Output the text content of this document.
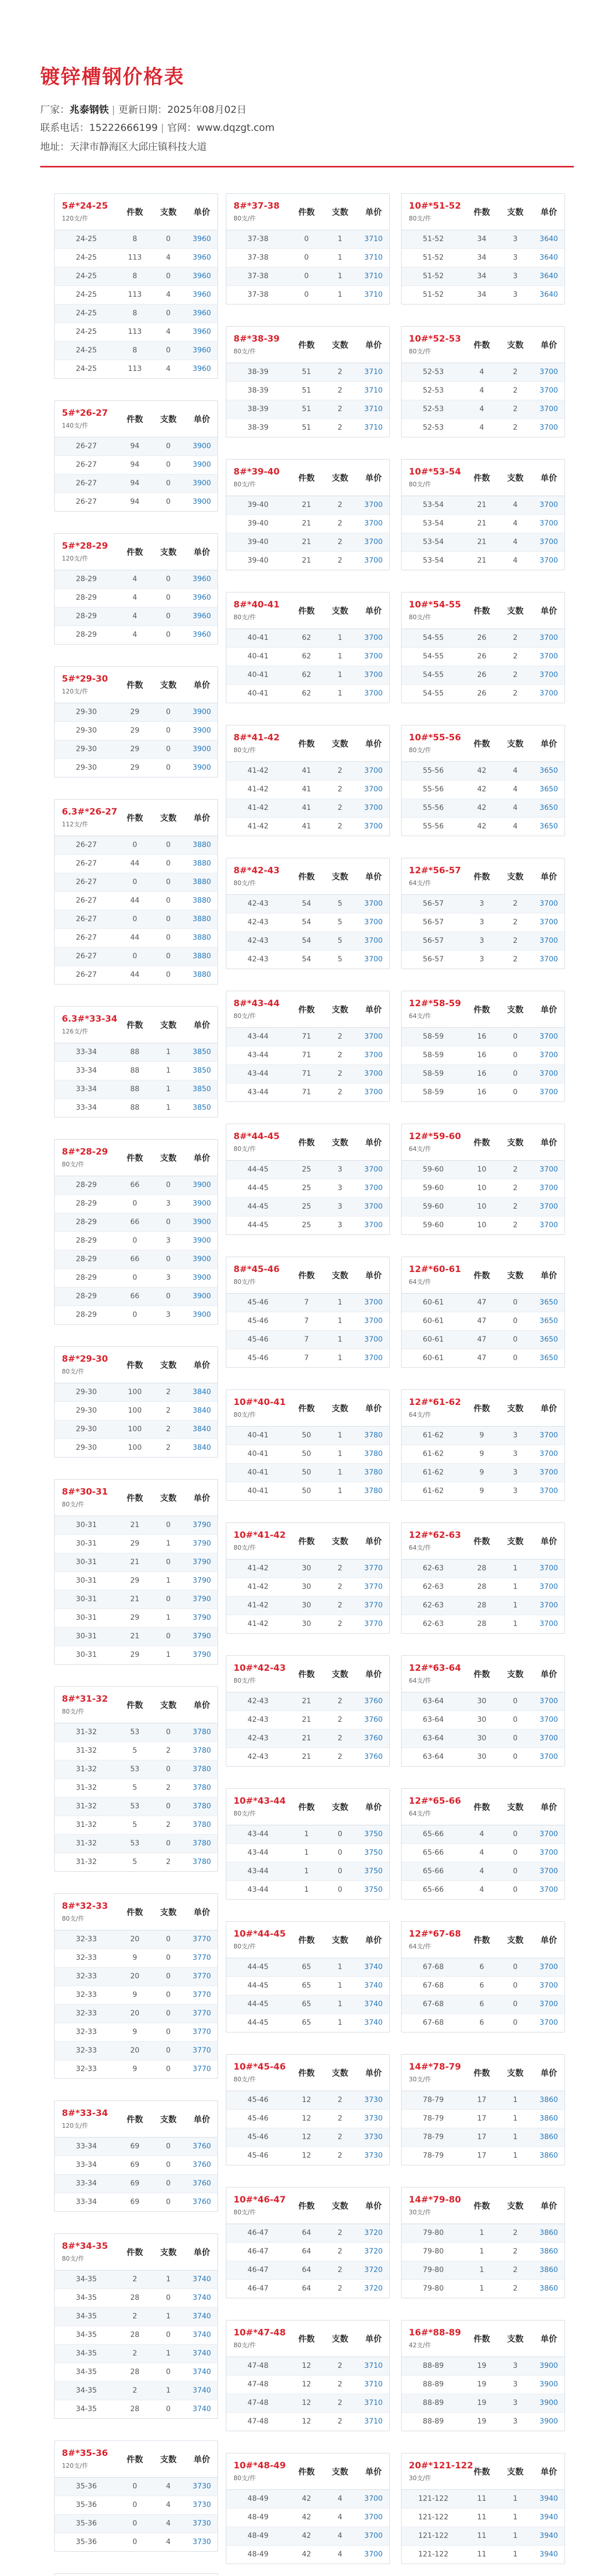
镀锌槽钢价格表
厂家：兆泰钢铁 | 更新日期：2025年08月02日
联系电话：15222666199 | 官网：www.dqzgt.com
地址：天津市静海区大邱庄镇科技大道
5#*24-25
120支/件	件数	支数	单价
24-25	8	0	3960
24-25	113	4	3960
24-25	8	0	3960
24-25	113	4	3960
24-25	8	0	3960
24-25	113	4	3960
24-25	8	0	3960
24-25	113	4	3960
5#*26-27
140支/件	件数	支数	单价
26-27	94	0	3900
26-27	94	0	3900
26-27	94	0	3900
26-27	94	0	3900
5#*28-29
120支/件	件数	支数	单价
28-29	4	0	3960
28-29	4	0	3960
28-29	4	0	3960
28-29	4	0	3960
5#*29-30
120支/件	件数	支数	单价
29-30	29	0	3900
29-30	29	0	3900
29-30	29	0	3900
29-30	29	0	3900
6.3#*26-27
112支/件	件数	支数	单价
26-27	0	0	3880
26-27	44	0	3880
26-27	0	0	3880
26-27	44	0	3880
26-27	0	0	3880
26-27	44	0	3880
26-27	0	0	3880
26-27	44	0	3880
6.3#*33-34
126支/件	件数	支数	单价
33-34	88	1	3850
33-34	88	1	3850
33-34	88	1	3850
33-34	88	1	3850
8#*28-29
80支/件	件数	支数	单价
28-29	66	0	3900
28-29	0	3	3900
28-29	66	0	3900
28-29	0	3	3900
28-29	66	0	3900
28-29	0	3	3900
28-29	66	0	3900
28-29	0	3	3900
8#*29-30
80支/件	件数	支数	单价
29-30	100	2	3840
29-30	100	2	3840
29-30	100	2	3840
29-30	100	2	3840
8#*30-31
80支/件	件数	支数	单价
30-31	21	0	3790
30-31	29	1	3790
30-31	21	0	3790
30-31	29	1	3790
30-31	21	0	3790
30-31	29	1	3790
30-31	21	0	3790
30-31	29	1	3790
8#*31-32
80支/件	件数	支数	单价
31-32	53	0	3780
31-32	5	2	3780
31-32	53	0	3780
31-32	5	2	3780
31-32	53	0	3780
31-32	5	2	3780
31-32	53	0	3780
31-32	5	2	3780
8#*32-33
80支/件	件数	支数	单价
32-33	20	0	3770
32-33	9	0	3770
32-33	20	0	3770
32-33	9	0	3770
32-33	20	0	3770
32-33	9	0	3770
32-33	20	0	3770
32-33	9	0	3770
8#*33-34
120支/件	件数	支数	单价
33-34	69	0	3760
33-34	69	0	3760
33-34	69	0	3760
33-34	69	0	3760
8#*34-35
80支/件	件数	支数	单价
34-35	2	1	3740
34-35	28	0	3740
34-35	2	1	3740
34-35	28	0	3740
34-35	2	1	3740
34-35	28	0	3740
34-35	2	1	3740
34-35	28	0	3740
8#*35-36
120支/件	件数	支数	单价
35-36	0	4	3730
35-36	0	4	3730
35-36	0	4	3730
35-36	0	4	3730

8#*37-38
80支/件	件数	支数	单价
37-38	0	1	3710
37-38	0	1	3710
37-38	0	1	3710
37-38	0	1	3710
8#*38-39
80支/件	件数	支数	单价
38-39	51	2	3710
38-39	51	2	3710
38-39	51	2	3710
38-39	51	2	3710
8#*39-40
80支/件	件数	支数	单价
39-40	21	2	3700
39-40	21	2	3700
39-40	21	2	3700
39-40	21	2	3700
8#*40-41
80支/件	件数	支数	单价
40-41	62	1	3700
40-41	62	1	3700
40-41	62	1	3700
40-41	62	1	3700
8#*41-42
80支/件	件数	支数	单价
41-42	41	2	3700
41-42	41	2	3700
41-42	41	2	3700
41-42	41	2	3700
8#*42-43
80支/件	件数	支数	单价
42-43	54	5	3700
42-43	54	5	3700
42-43	54	5	3700
42-43	54	5	3700
8#*43-44
80支/件	件数	支数	单价
43-44	71	2	3700
43-44	71	2	3700
43-44	71	2	3700
43-44	71	2	3700
8#*44-45
80支/件	件数	支数	单价
44-45	25	3	3700
44-45	25	3	3700
44-45	25	3	3700
44-45	25	3	3700
8#*45-46
80支/件	件数	支数	单价
45-46	7	1	3700
45-46	7	1	3700
45-46	7	1	3700
45-46	7	1	3700
10#*40-41
80支/件	件数	支数	单价
40-41	50	1	3780
40-41	50	1	3780
40-41	50	1	3780
40-41	50	1	3780
10#*41-42
80支/件	件数	支数	单价
41-42	30	2	3770
41-42	30	2	3770
41-42	30	2	3770
41-42	30	2	3770
10#*42-43
80支/件	件数	支数	单价
42-43	21	2	3760
42-43	21	2	3760
42-43	21	2	3760
42-43	21	2	3760
10#*43-44
80支/件	件数	支数	单价
43-44	1	0	3750
43-44	1	0	3750
43-44	1	0	3750
43-44	1	0	3750
10#*44-45
80支/件	件数	支数	单价
44-45	65	1	3740
44-45	65	1	3740
44-45	65	1	3740
44-45	65	1	3740
10#*45-46
80支/件	件数	支数	单价
45-46	12	2	3730
45-46	12	2	3730
45-46	12	2	3730
45-46	12	2	3730
10#*46-47
80支/件	件数	支数	单价
46-47	64	2	3720
46-47	64	2	3720
46-47	64	2	3720
46-47	64	2	3720
10#*47-48
80支/件	件数	支数	单价
47-48	12	2	3710
47-48	12	2	3710
47-48	12	2	3710
47-48	12	2	3710
10#*48-49
80支/件	件数	支数	单价
48-49	42	4	3700
48-49	42	4	3700
48-49	42	4	3700
48-49	42	4	3700

10#*51-52
80支/件	件数	支数	单价
51-52	34	3	3640
51-52	34	3	3640
51-52	34	3	3640
51-52	34	3	3640
10#*52-53
80支/件	件数	支数	单价
52-53	4	2	3700
52-53	4	2	3700
52-53	4	2	3700
52-53	4	2	3700
10#*53-54
80支/件	件数	支数	单价
53-54	21	4	3700
53-54	21	4	3700
53-54	21	4	3700
53-54	21	4	3700
10#*54-55
80支/件	件数	支数	单价
54-55	26	2	3700
54-55	26	2	3700
54-55	26	2	3700
54-55	26	2	3700
10#*55-56
80支/件	件数	支数	单价
55-56	42	4	3650
55-56	42	4	3650
55-56	42	4	3650
55-56	42	4	3650
12#*56-57
64支/件	件数	支数	单价
56-57	3	2	3700
56-57	3	2	3700
56-57	3	2	3700
56-57	3	2	3700
12#*58-59
64支/件	件数	支数	单价
58-59	16	0	3700
58-59	16	0	3700
58-59	16	0	3700
58-59	16	0	3700
12#*59-60
64支/件	件数	支数	单价
59-60	10	2	3700
59-60	10	2	3700
59-60	10	2	3700
59-60	10	2	3700
12#*60-61
64支/件	件数	支数	单价
60-61	47	0	3650
60-61	47	0	3650
60-61	47	0	3650
60-61	47	0	3650
12#*61-62
64支/件	件数	支数	单价
61-62	9	3	3700
61-62	9	3	3700
61-62	9	3	3700
61-62	9	3	3700
12#*62-63
64支/件	件数	支数	单价
62-63	28	1	3700
62-63	28	1	3700
62-63	28	1	3700
62-63	28	1	3700
12#*63-64
64支/件	件数	支数	单价
63-64	30	0	3700
63-64	30	0	3700
63-64	30	0	3700
63-64	30	0	3700
12#*65-66
64支/件	件数	支数	单价
65-66	4	0	3700
65-66	4	0	3700
65-66	4	0	3700
65-66	4	0	3700
12#*67-68
64支/件	件数	支数	单价
67-68	6	0	3700
67-68	6	0	3700
67-68	6	0	3700
67-68	6	0	3700
14#*78-79
30支/件	件数	支数	单价
78-79	17	1	3860
78-79	17	1	3860
78-79	17	1	3860
78-79	17	1	3860
14#*79-80
30支/件	件数	支数	单价
79-80	1	2	3860
79-80	1	2	3860
79-80	1	2	3860
79-80	1	2	3860
16#*88-89
42支/件	件数	支数	单价
88-89	19	3	3900
88-89	19	3	3900
88-89	19	3	3900
88-89	19	3	3900
20#*121-122
30支/件	件数	支数	单价
121-122	11	1	3940
121-122	11	1	3940
121-122	11	1	3940
121-122	11	1	3940
